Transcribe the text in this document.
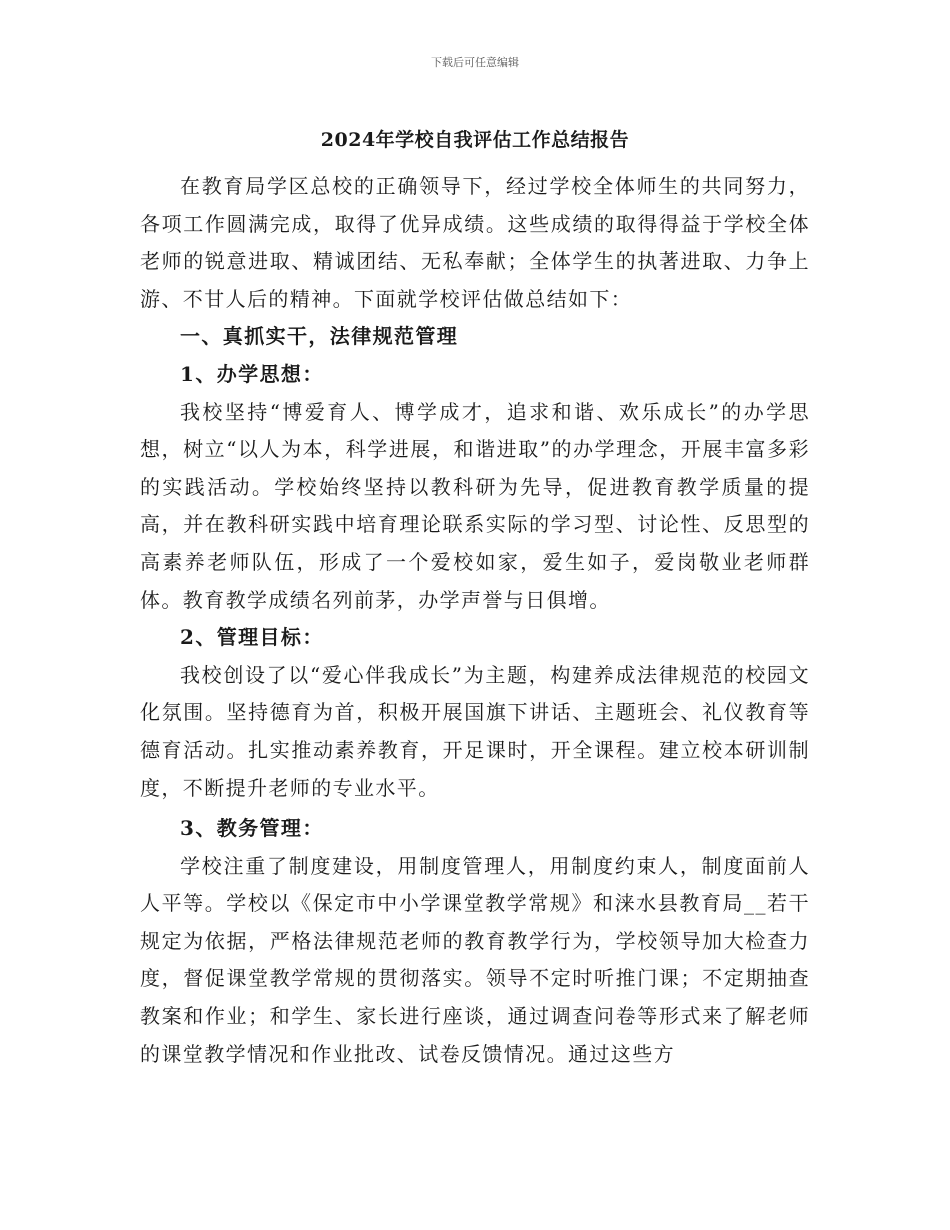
下载后可任意编辑
2024年学校自我评估工作总结报告

在教育局学区总校的正确领导下，经过学校全体师生的共同努力，各项工作圆满完成，取得了优异成绩。这些成绩的取得得益于学校全体老师的锐意进取、精诚团结、无私奉献；全体学生的执著进取、力争上游、不甘人后的精神。下面就学校评估做总结如下：

一、真抓实干，法律规范管理
1、办学思想：

我校坚持“博爱育人、博学成才，追求和谐、欢乐成长”的办学思想，树立“以人为本，科学进展，和谐进取”的办学理念，开展丰富多彩的实践活动。学校始终坚持以教科研为先导，促进教育教学质量的提高，并在教科研实践中培育理论联系实际的学习型、讨论性、反思型的高素养老师队伍，形成了一个爱校如家，爱生如子，爱岗敬业老师群体。教育教学成绩名列前茅，办学声誉与日俱增。

2、管理目标：

我校创设了以“爱心伴我成长”为主题，构建养成法律规范的校园文化氛围。坚持德育为首，积极开展国旗下讲话、主题班会、礼仪教育等德育活动。扎实推动素养教育，开足课时，开全课程。建立校本研训制度，不断提升老师的专业水平。

3、教务管理：

学校注重了制度建设，用制度管理人，用制度约束人，制度面前人人平等。学校以《保定市中小学课堂教学常规》和涞水县教育局__若干规定为依据，严格法律规范老师的教育教学行为，学校领导加大检查力度，督促课堂教学常规的贯彻落实。领导不定时听推门课；不定期抽查教案和作业；和学生、家长进行座谈，通过调查问卷等形式来了解老师的课堂教学情况和作业批改、试卷反馈情况。通过这些方
